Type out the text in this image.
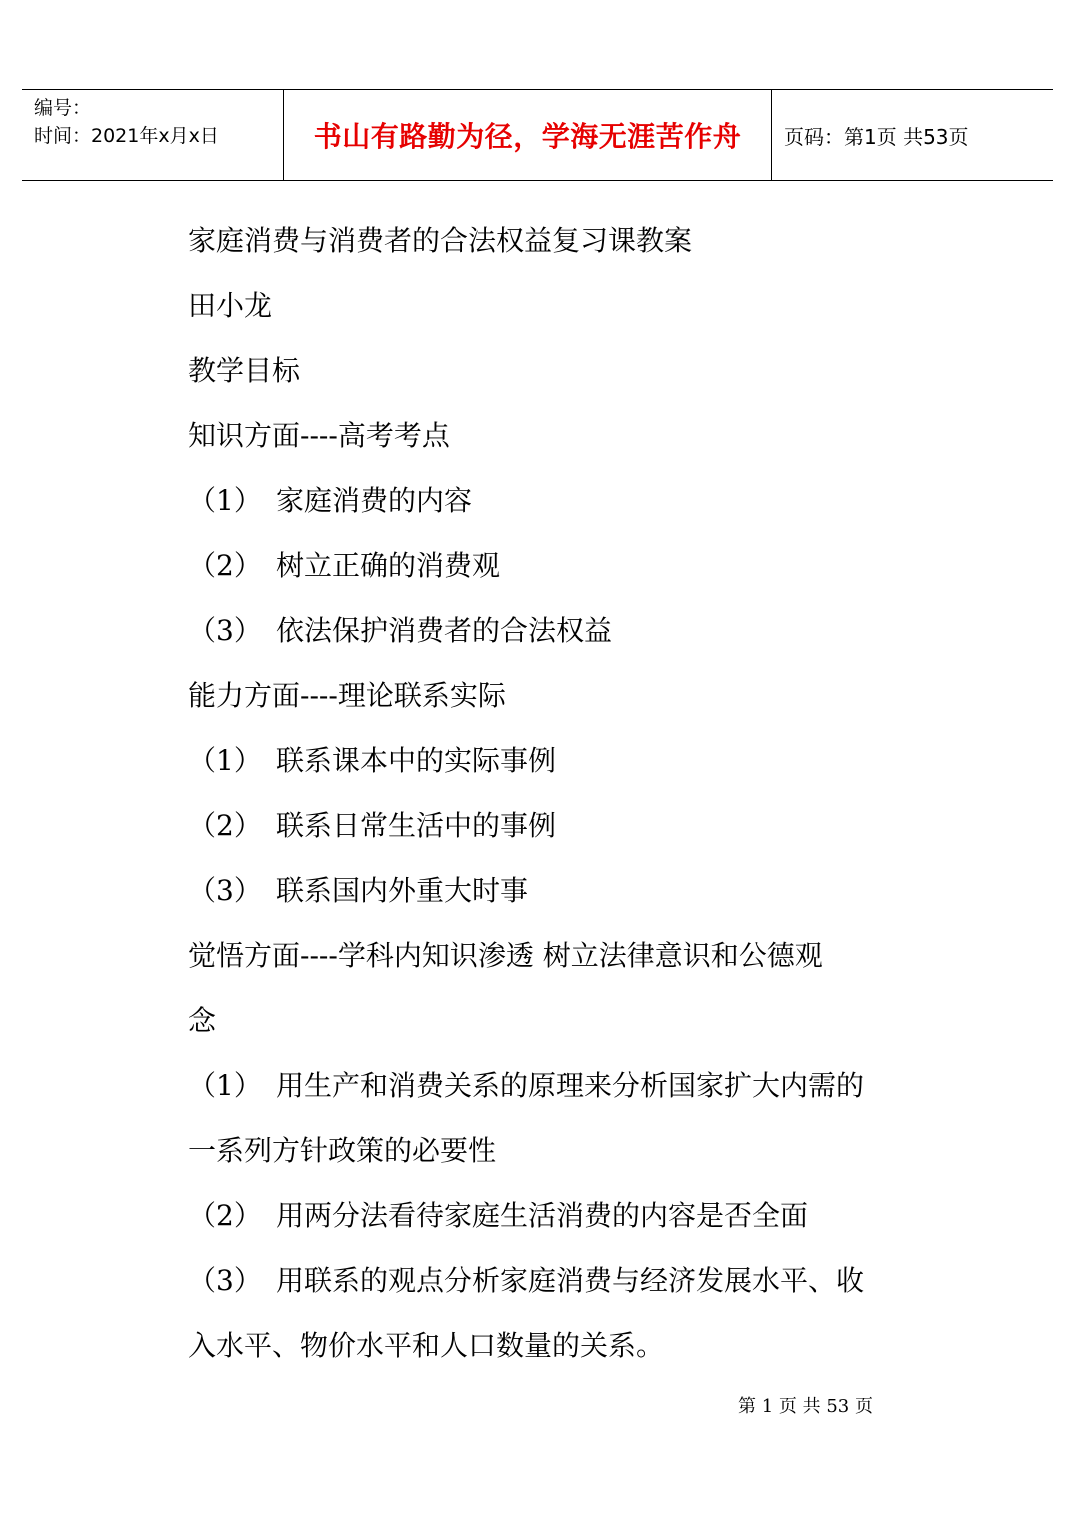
编号：
时间：2021年x月x日	书山有路勤为径，学海无涯苦作舟	页码：第1页 共53页
家庭消费与消费者的合法权益复习课教案
田小龙
教学目标
知识方面----高考考点
（1） 家庭消费的内容
（2） 树立正确的消费观
（3） 依法保护消费者的合法权益
能力方面----理论联系实际
（1） 联系课本中的实际事例
（2） 联系日常生活中的事例
（3） 联系国内外重大时事
觉悟方面----学科内知识渗透 树立法律意识和公德观
念
（1） 用生产和消费关系的原理来分析国家扩大内需的
一系列方针政策的必要性
（2） 用两分法看待家庭生活消费的内容是否全面
（3） 用联系的观点分析家庭消费与经济发展水平、收
入水平、物价水平和人口数量的关系。
第 1 页 共 53 页
